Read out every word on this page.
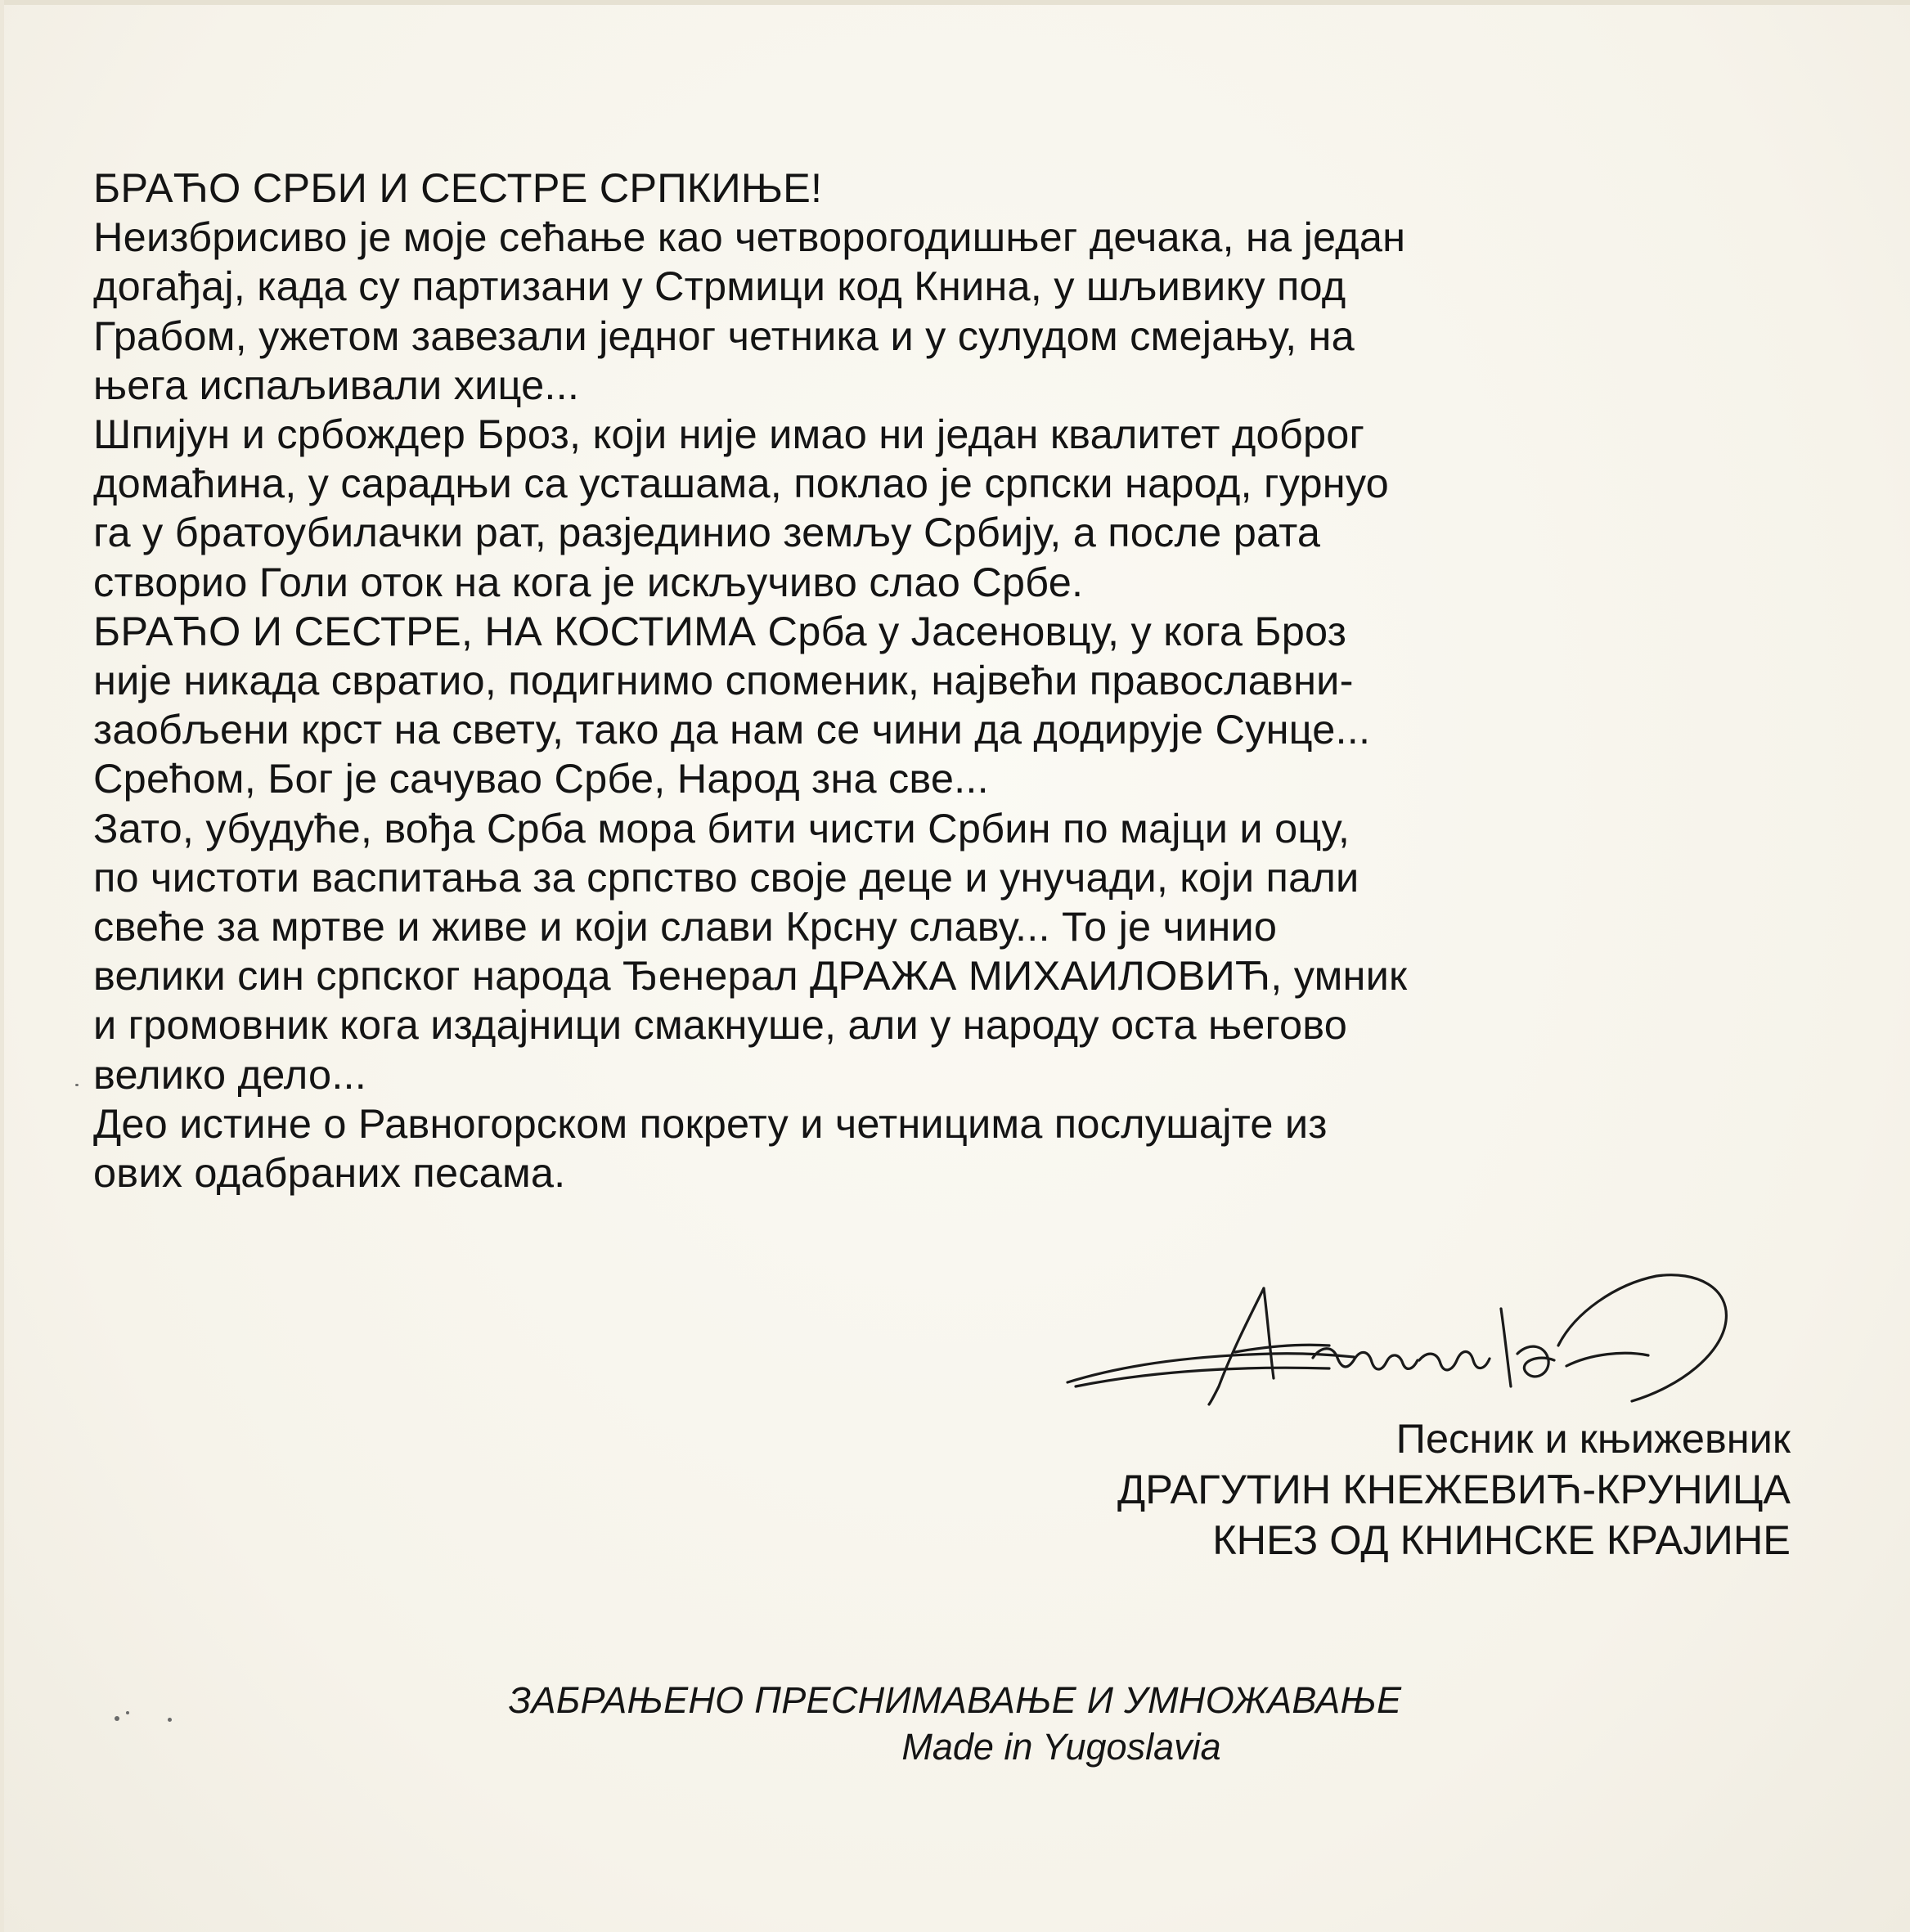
БРАЋО СРБИ И СЕСТРЕ СРПКИЊЕ!
Неизбрисиво је моје сећање као четворогодишњег дечака, на један
догађај, када су партизани у Стрмици код Книна, у шљивику под
Грабом, ужетом завезали једног четника и у сулудом смејању, на
њега испаљивали хице...
Шпијун и србождер Броз, који није имао ни један квалитет доброг
домаћина, у сарадњи са усташама, поклао је српски народ, гурнуо
га у братоубилачки рат, разјединио земљу Србију, а после рата
створио Голи оток на кога је искључиво слао Србе.
БРАЋО И СЕСТРЕ, НА КОСТИМА Срба у Јасеновцу, у кога Броз
није никада свратио, подигнимо споменик, највећи православни-
заобљени крст на свету, тако да нам се чини да додирује Сунце...
Срећом, Бог је сачувао Србе, Народ зна све...
Зато, убудуће, вођа Срба мора бити чисти Србин по мајци и оцу,
по чистоти васпитања за српство своје деце и унучади, који пали
свеће за мртве и живе и који слави Крсну славу... То је чинио
велики син српског народа Ђенерал ДРАЖА МИХАИЛОВИЋ, умник
и громовник кога издајници смакнуше, али у народу оста његово
велико дело...
Део истине о Равногорском покрету и четницима послушајте из
ових одабраних песама.
Песник и књижевник
ДРАГУТИН КНЕЖЕВИЋ-КРУНИЦА
КНЕЗ ОД КНИНСКЕ КРАЈИНЕ
ЗАБРАЊЕНО ПРЕСНИМАВАЊЕ И УМНОЖАВАЊЕ
Made in Yugoslavia
